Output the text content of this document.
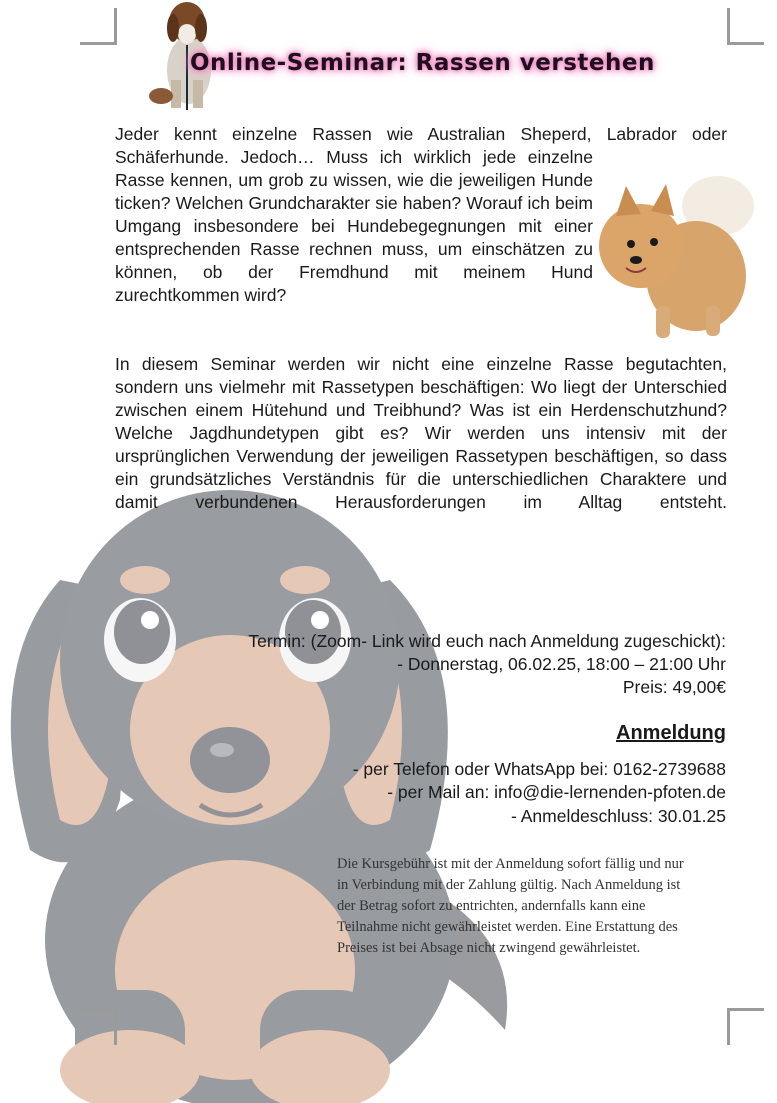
Online-Seminar: Rassen verstehen

Jeder kennt einzelne Rassen wie Australian Sheperd, Labrador oder

Schäferhunde. Jedoch… Muss ich wirklich jede einzelne Rasse kennen, um grob zu wissen, wie die jeweiligen Hunde ticken? Welchen Grundcharakter sie haben? Worauf ich beim Umgang insbesondere bei Hundebegegnungen mit einer entsprechenden Rasse rechnen muss, um einschätzen zu können, ob der Fremdhund mit meinem Hund zurechtkommen wird?

In diesem Seminar werden wir nicht eine einzelne Rasse begutachten, sondern uns vielmehr mit Rassetypen beschäftigen: Wo liegt der Unterschied zwischen einem Hütehund und Treibhund? Was ist ein Herdenschutzhund? Welche Jagdhundetypen gibt es? Wir werden uns intensiv mit der ursprünglichen Verwendung der jeweiligen Rassetypen beschäftigen, so dass ein grundsätzliches Verständnis für die unterschiedlichen Charaktere und damit verbundenen Herausforderungen im Alltag entsteht.

Termin: (Zoom- Link wird euch nach Anmeldung zugeschickt):
- Donnerstag, 06.02.25, 18:00 – 21:00 Uhr
Preis: 49,00€
Anmeldung
- per Telefon oder WhatsApp bei: 0162-2739688
- per Mail an: info@die-lernenden-pfoten.de
- Anmeldeschluss: 30.01.25
Die Kursgebühr ist mit der Anmeldung sofort fällig und nur
in Verbindung mit der Zahlung gültig. Nach Anmeldung ist
der Betrag sofort zu entrichten, andernfalls kann eine
Teilnahme nicht gewährleistet werden. Eine Erstattung des
Preises ist bei Absage nicht zwingend gewährleistet.
